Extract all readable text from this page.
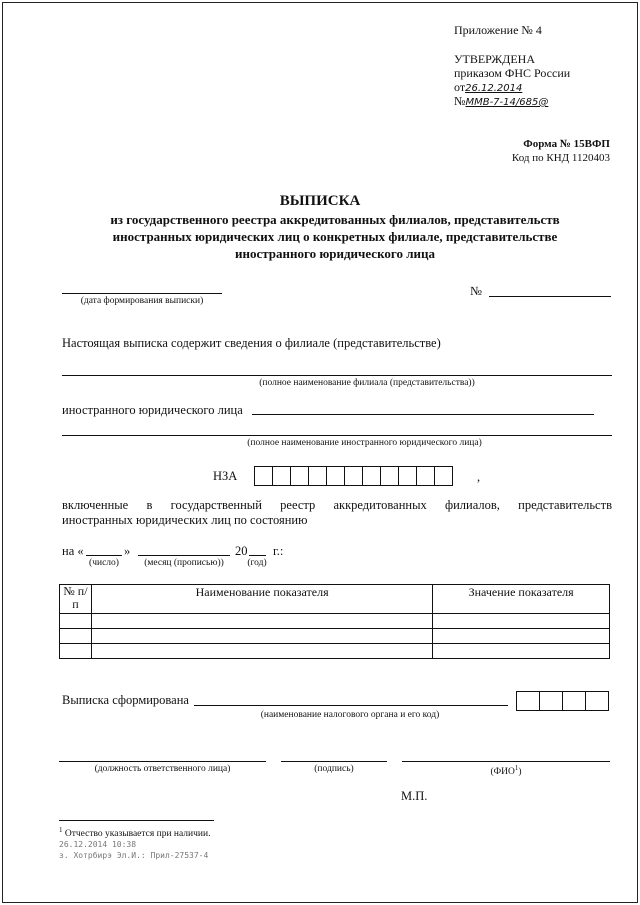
Приложение № 4
УТВЕРЖДЕНА
приказом ФНС России
от26.12.2014
№ММВ-7-14/685@
Форма № 15ВФП
Код по КНД 1120403
ВЫПИСКА
из государственного реестра аккредитованных филиалов, представительств
иностранных юридических лиц о конкретных филиале, представительстве
иностранного юридического лица
(дата формирования выписки)
№
Настоящая выписка содержит сведения о филиале (представительстве)
(полное наименование филиала (представительства))
иностранного юридического лица
(полное наименование иностранного юридического лица)
НЗА	,
включенные в государственный реестр аккредитованных филиалов, представительств
иностранных юридических лиц по состоянию
на «	»	20 г.:
(число)	(месяц (прописью))	(год)
№ п/п	Наименование показателя	Значение показателя

Выписка сформирована
(наименование налогового органа и его код)
(должность ответственного лица)	(подпись)	(ФИО$^1$)
М.П.
$^1$ Отчество указывается при наличии.
26.12.2014 10:38
з. Хотрбирэ Эл.И.: Прил-27537-4
